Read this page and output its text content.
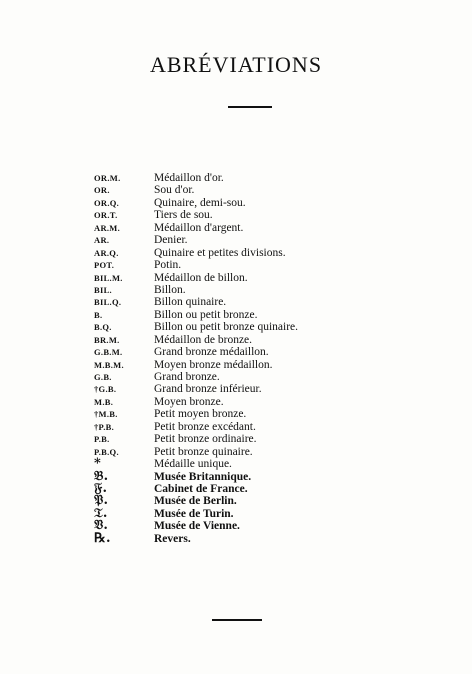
ABRÉVIATIONS
OR.M.	Médaillon d'or.
OR.	Sou d'or.
OR.Q.	Quinaire, demi-sou.
OR.T.	Tiers de sou.
AR.M.	Médaillon d'argent.
AR.	Denier.
AR.Q.	Quinaire et petites divisions.
POT.	Potin.
BIL.M.	Médaillon de billon.
BIL.	Billon.
BIL.Q.	Billon quinaire.
B.	Billon ou petit bronze.
B.Q.	Billon ou petit bronze quinaire.
BR.M.	Médaillon de bronze.
G.B.M.	Grand bronze médaillon.
M.B.M.	Moyen bronze médaillon.
G.B.	Grand bronze.
†G.B.	Grand bronze inférieur.
M.B.	Moyen bronze.
†M.B.	Petit moyen bronze.
†P.B.	Petit bronze excédant.
P.B.	Petit bronze ordinaire.
P.B.Q.	Petit bronze quinaire.
*	Médaille unique.
𝔅.	Musée Britannique.
𝔉.	Cabinet de France.
𝔓.	Musée de Berlin.
𝔗.	Musée de Turin.
𝔙.	Musée de Vienne.
℞.	Revers.
